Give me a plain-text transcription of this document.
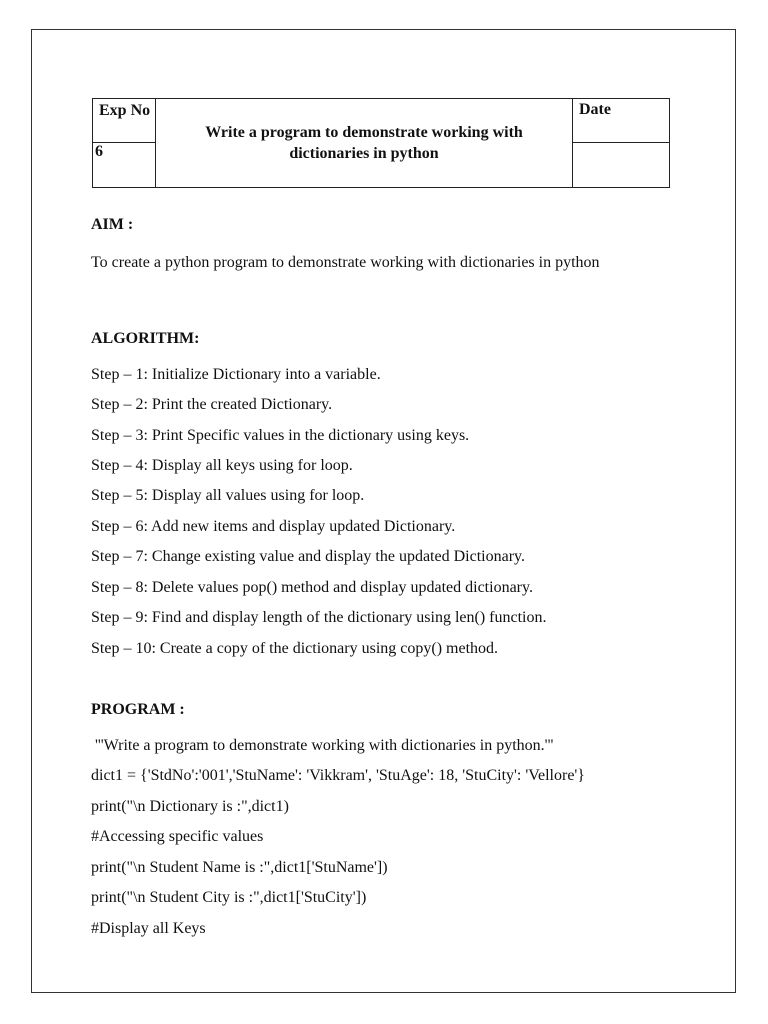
Exp No	Write a program to demonstrate working with dictionaries in python	Date

6		

AIM :
To create a python program to demonstrate working with dictionaries in python
ALGORITHM:
Step – 1: Initialize Dictionary into a variable.
Step – 2: Print the created Dictionary.
Step – 3: Print Specific values in the dictionary using keys.
Step – 4: Display all keys using for loop.
Step – 5: Display all values using for loop.
Step – 6: Add new items and display updated Dictionary.
Step – 7: Change existing value and display the updated Dictionary.
Step – 8: Delete values pop() method and display updated dictionary.
Step – 9: Find and display length of the dictionary using len() function.
Step – 10: Create a copy of the dictionary using copy() method.
PROGRAM :
'''Write a program to demonstrate working with dictionaries in python.'''
dict1 = {'StdNo':'001','StuName': 'Vikkram', 'StuAge': 18, 'StuCity': 'Vellore'}
print("\n Dictionary is :",dict1)
#Accessing specific values
print("\n Student Name is :",dict1['StuName'])
print("\n Student City is :",dict1['StuCity'])
#Display all Keys
